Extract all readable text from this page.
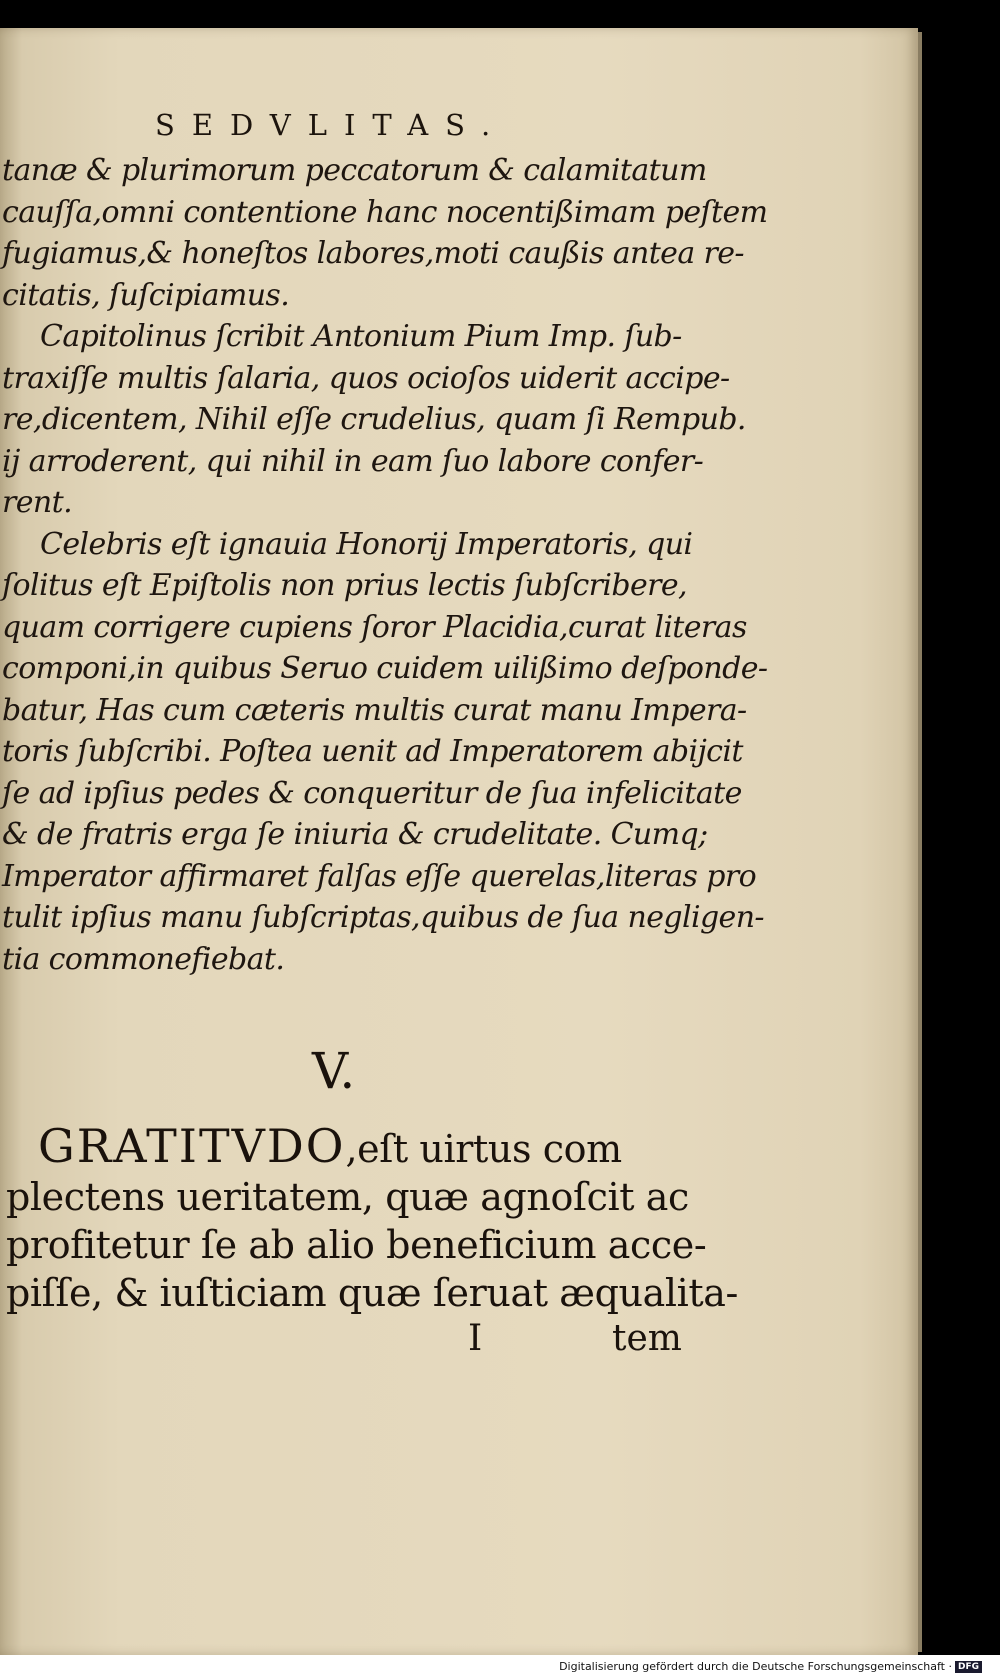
SEDVLITAS.
tanæ & plurimorum peccatorum & calamitatum
cauſſa,omni contentione hanc nocentißimam peſtem
fugiamus,& honeſtos labores,moti caußis antea re-
citatis, ſuſcipiamus.
Capitolinus ſcribit Antonium Pium Imp. ſub-
traxiſſe multis ſalaria, quos ocioſos uiderit accipe-
re,dicentem, Nihil eſſe crudelius, quam ſi Rempub.
ij arroderent, qui nihil in eam ſuo labore confer-
rent.
Celebris eſt ignauia Honorij Imperatoris, qui
ſolitus eſt Epiſtolis non prius lectis ſubſcribere,
quam corrigere cupiens ſoror Placidia,curat literas
componi,in quibus Seruo cuidem uilißimo deſponde-
batur, Has cum cæteris multis curat manu Impera-
toris ſubſcribi. Poſtea uenit ad Imperatorem abijcit
ſe ad ipſius pedes & conqueritur de ſua infelicitate
& de fratris erga ſe iniuria & crudelitate. Cumq;
Imperator affirmaret falſas eſſe querelas,literas pro
tulit ipſius manu ſubſcriptas,quibus de ſua negligen-
tia commonefiebat.
V.
GRATITVDO,eſt uirtus com
plectens ueritatem, quæ agnoſcit ac
profitetur ſe ab alio beneficium acce-
piſſe, & iuſticiam quæ ſeruat æqualita-
I	tem
Digitalisierung gefördert durch die Deutsche Forschungsgemeinschaft · DFG
